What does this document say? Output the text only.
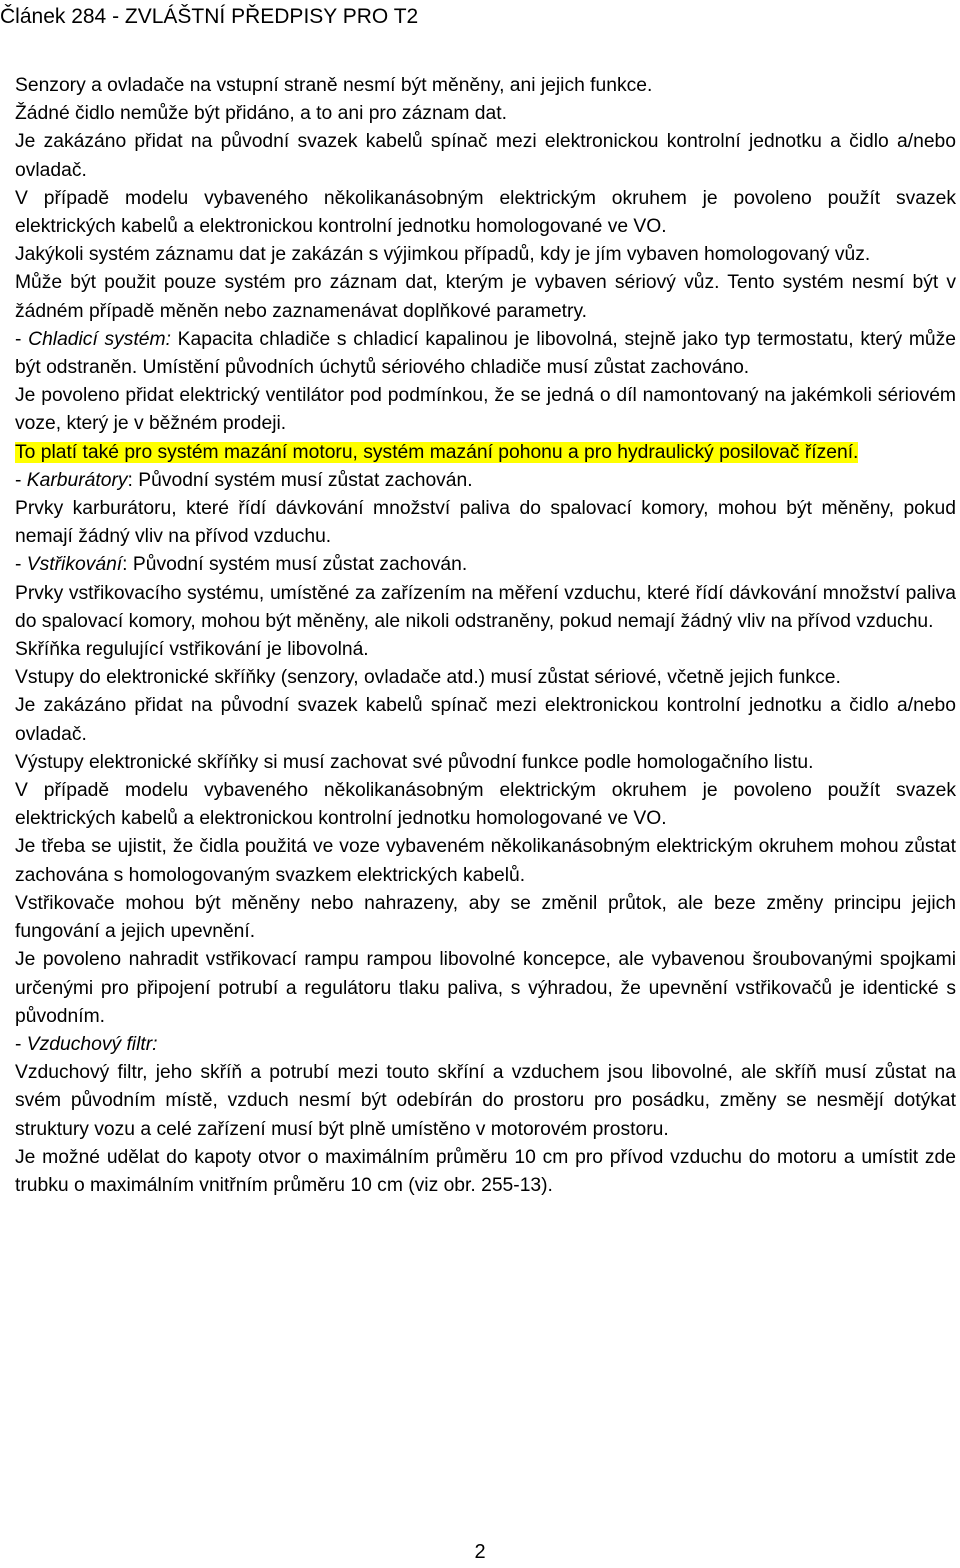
Článek 284 - ZVLÁŠTNÍ PŘEDPISY PRO T2

Senzory a ovladače na vstupní straně nesmí být měněny, ani jejich funkce.

Žádné čidlo nemůže být přidáno, a to ani pro záznam dat.

Je zakázáno přidat na původní svazek kabelů spínač mezi elektronickou kontrolní jednotku a čidlo a/nebo ovladač.

V případě modelu vybaveného několikanásobným elektrickým okruhem je povoleno použít svazek elektrických kabelů a elektronickou kontrolní jednotku homologované ve VO.

Jakýkoli systém záznamu dat je zakázán s výjimkou případů, kdy je jím vybaven homologovaný vůz.

Může být použit pouze systém pro záznam dat, kterým je vybaven sériový vůz. Tento systém nesmí být v žádném případě měněn nebo zaznamenávat doplňkové parametry.

- Chladicí systém: Kapacita chladiče s chladicí kapalinou je libovolná, stejně jako typ termostatu, který může být odstraněn. Umístění původních úchytů sériového chladiče musí zůstat zachováno.

Je povoleno přidat elektrický ventilátor pod podmínkou, že se jedná o díl namontovaný na jakémkoli sériovém voze, který je v běžném prodeji.

To platí také pro systém mazání motoru, systém mazání pohonu a pro hydraulický posilovač řízení.

- Karburátory: Původní systém musí zůstat zachován.

Prvky karburátoru, které řídí dávkování množství paliva do spalovací komory, mohou být měněny, pokud nemají žádný vliv na přívod vzduchu.

- Vstřikování: Původní systém musí zůstat zachován.

Prvky vstřikovacího systému, umístěné za zařízením na měření vzduchu, které řídí dávkování množství paliva do spalovací komory, mohou být měněny, ale nikoli odstraněny, pokud nemají žádný vliv na přívod vzduchu.

Skříňka regulující vstřikování je libovolná.

Vstupy do elektronické skříňky (senzory, ovladače atd.) musí zůstat sériové, včetně jejich funkce.

Je zakázáno přidat na původní svazek kabelů spínač mezi elektronickou kontrolní jednotku a čidlo a/nebo ovladač.

Výstupy elektronické skříňky si musí zachovat své původní funkce podle homologačního listu.

V případě modelu vybaveného několikanásobným elektrickým okruhem je povoleno použít svazek elektrických kabelů a elektronickou kontrolní jednotku homologované ve VO.

Je třeba se ujistit, že čidla použitá ve voze vybaveném několikanásobným elektrickým okruhem mohou zůstat zachována s homologovaným svazkem elektrických kabelů.

Vstřikovače mohou být měněny nebo nahrazeny, aby se změnil průtok, ale beze změny principu jejich fungování a jejich upevnění.

Je povoleno nahradit vstřikovací rampu rampou libovolné koncepce, ale vybavenou šroubovanými spojkami určenými pro připojení potrubí a regulátoru tlaku paliva, s výhradou, že upevnění vstřikovačů je identické s původním.

- Vzduchový filtr:

Vzduchový filtr, jeho skříň a potrubí mezi touto skříní a vzduchem jsou libovolné, ale skříň musí zůstat na svém původním místě, vzduch nesmí být odebírán do prostoru pro posádku, změny se nesmějí dotýkat struktury vozu a celé zařízení musí být plně umístěno v motorovém prostoru.

Je možné udělat do kapoty otvor o maximálním průměru 10 cm pro přívod vzduchu do motoru a umístit zde trubku o maximálním vnitřním průměru 10 cm (viz obr. 255-13).

2
